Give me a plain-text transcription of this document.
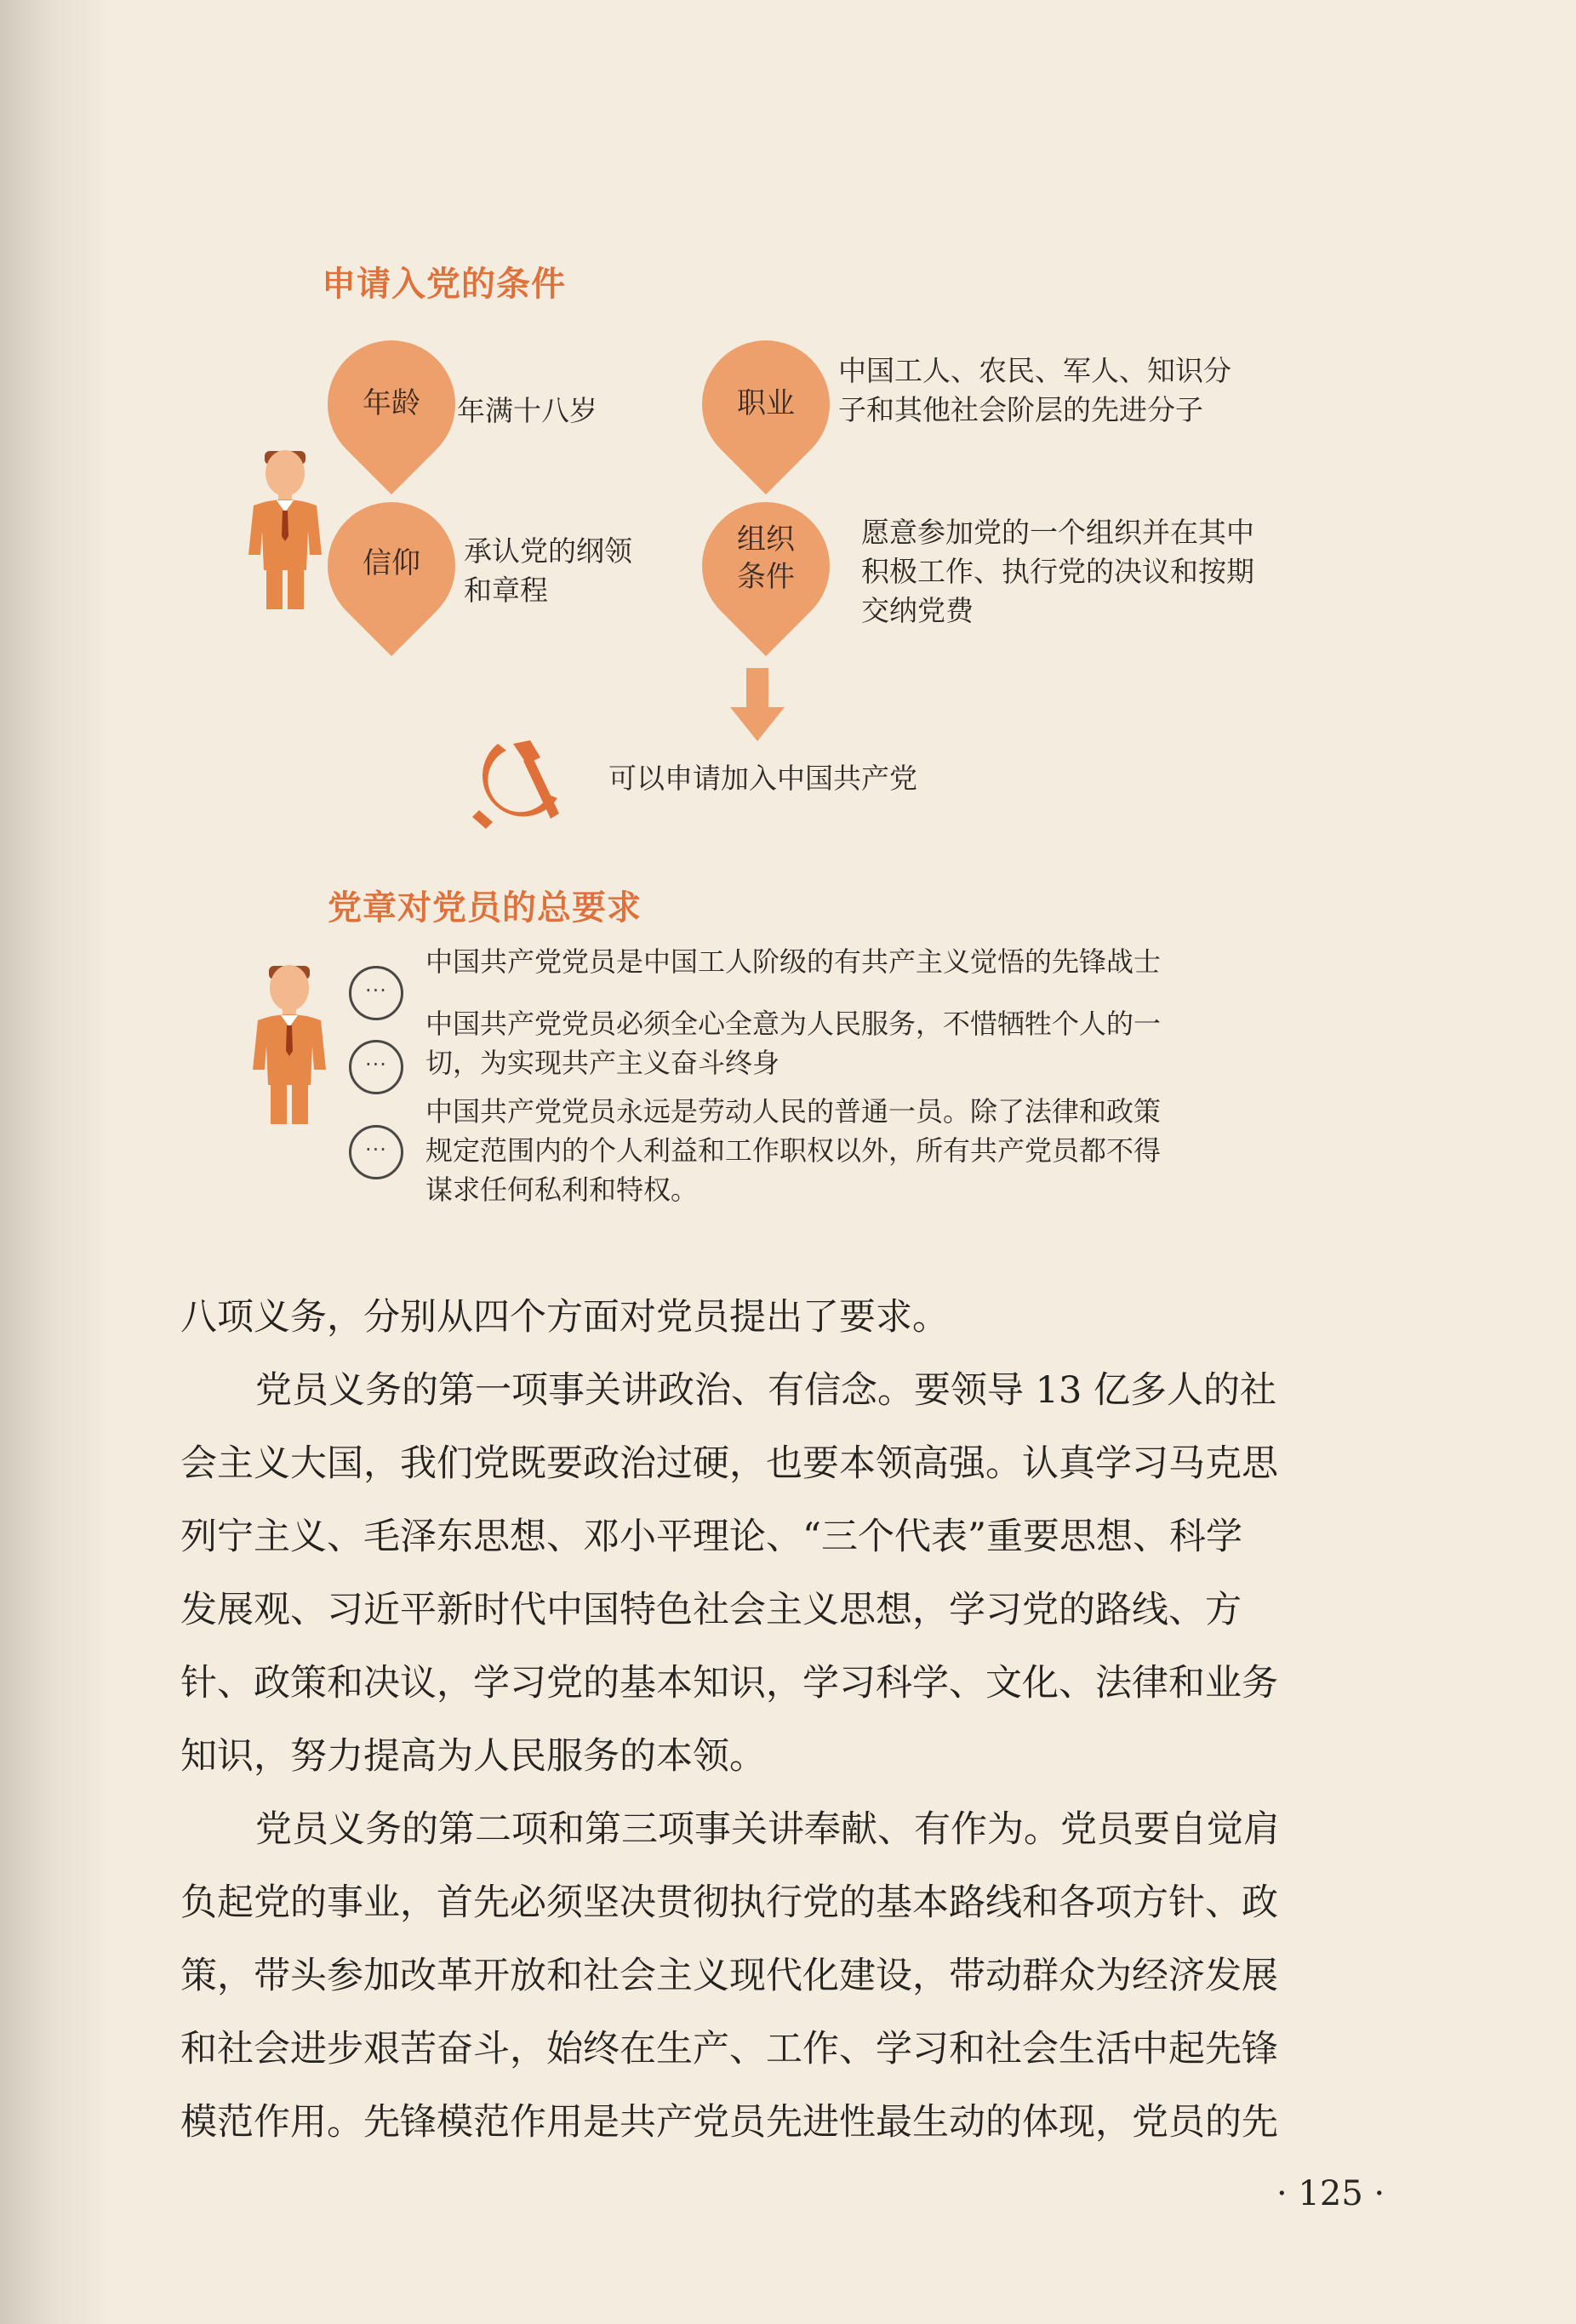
申请入党的条件
年龄	年满十八岁	职业
中国工人、农民、军人、知识分
子和其他社会阶层的先进分子
信仰	承认党的纲领
和章程
组织
条件
愿意参加党的一个组织并在其中
积极工作、执行党的决议和按期
交纳党费
可以申请加入中国共产党
党章对党员的总要求
···
中国共产党党员是中国工人阶级的有共产主义觉悟的先锋战士
···
中国共产党党员必须全心全意为人民服务，不惜牺牲个人的一
切，为实现共产主义奋斗终身
···
中国共产党党员永远是劳动人民的普通一员。除了法律和政策
规定范围内的个人利益和工作职权以外，所有共产党员都不得
谋求任何私利和特权。

八项义务，分别从四个方面对党员提出了要求。

党员义务的第一项事关讲政治、有信念。要领导 13 亿多人的社
会主义大国，我们党既要政治过硬，也要本领高强。认真学习马克思
列宁主义、毛泽东思想、邓小平理论、“三个代表”重要思想、科学
发展观、习近平新时代中国特色社会主义思想，学习党的路线、方
针、政策和决议，学习党的基本知识，学习科学、文化、法律和业务
知识，努力提高为人民服务的本领。

党员义务的第二项和第三项事关讲奉献、有作为。党员要自觉肩
负起党的事业，首先必须坚决贯彻执行党的基本路线和各项方针、政
策，带头参加改革开放和社会主义现代化建设，带动群众为经济发展
和社会进步艰苦奋斗，始终在生产、工作、学习和社会生活中起先锋
模范作用。先锋模范作用是共产党员先进性最生动的体现，党员的先

· 125 ·
